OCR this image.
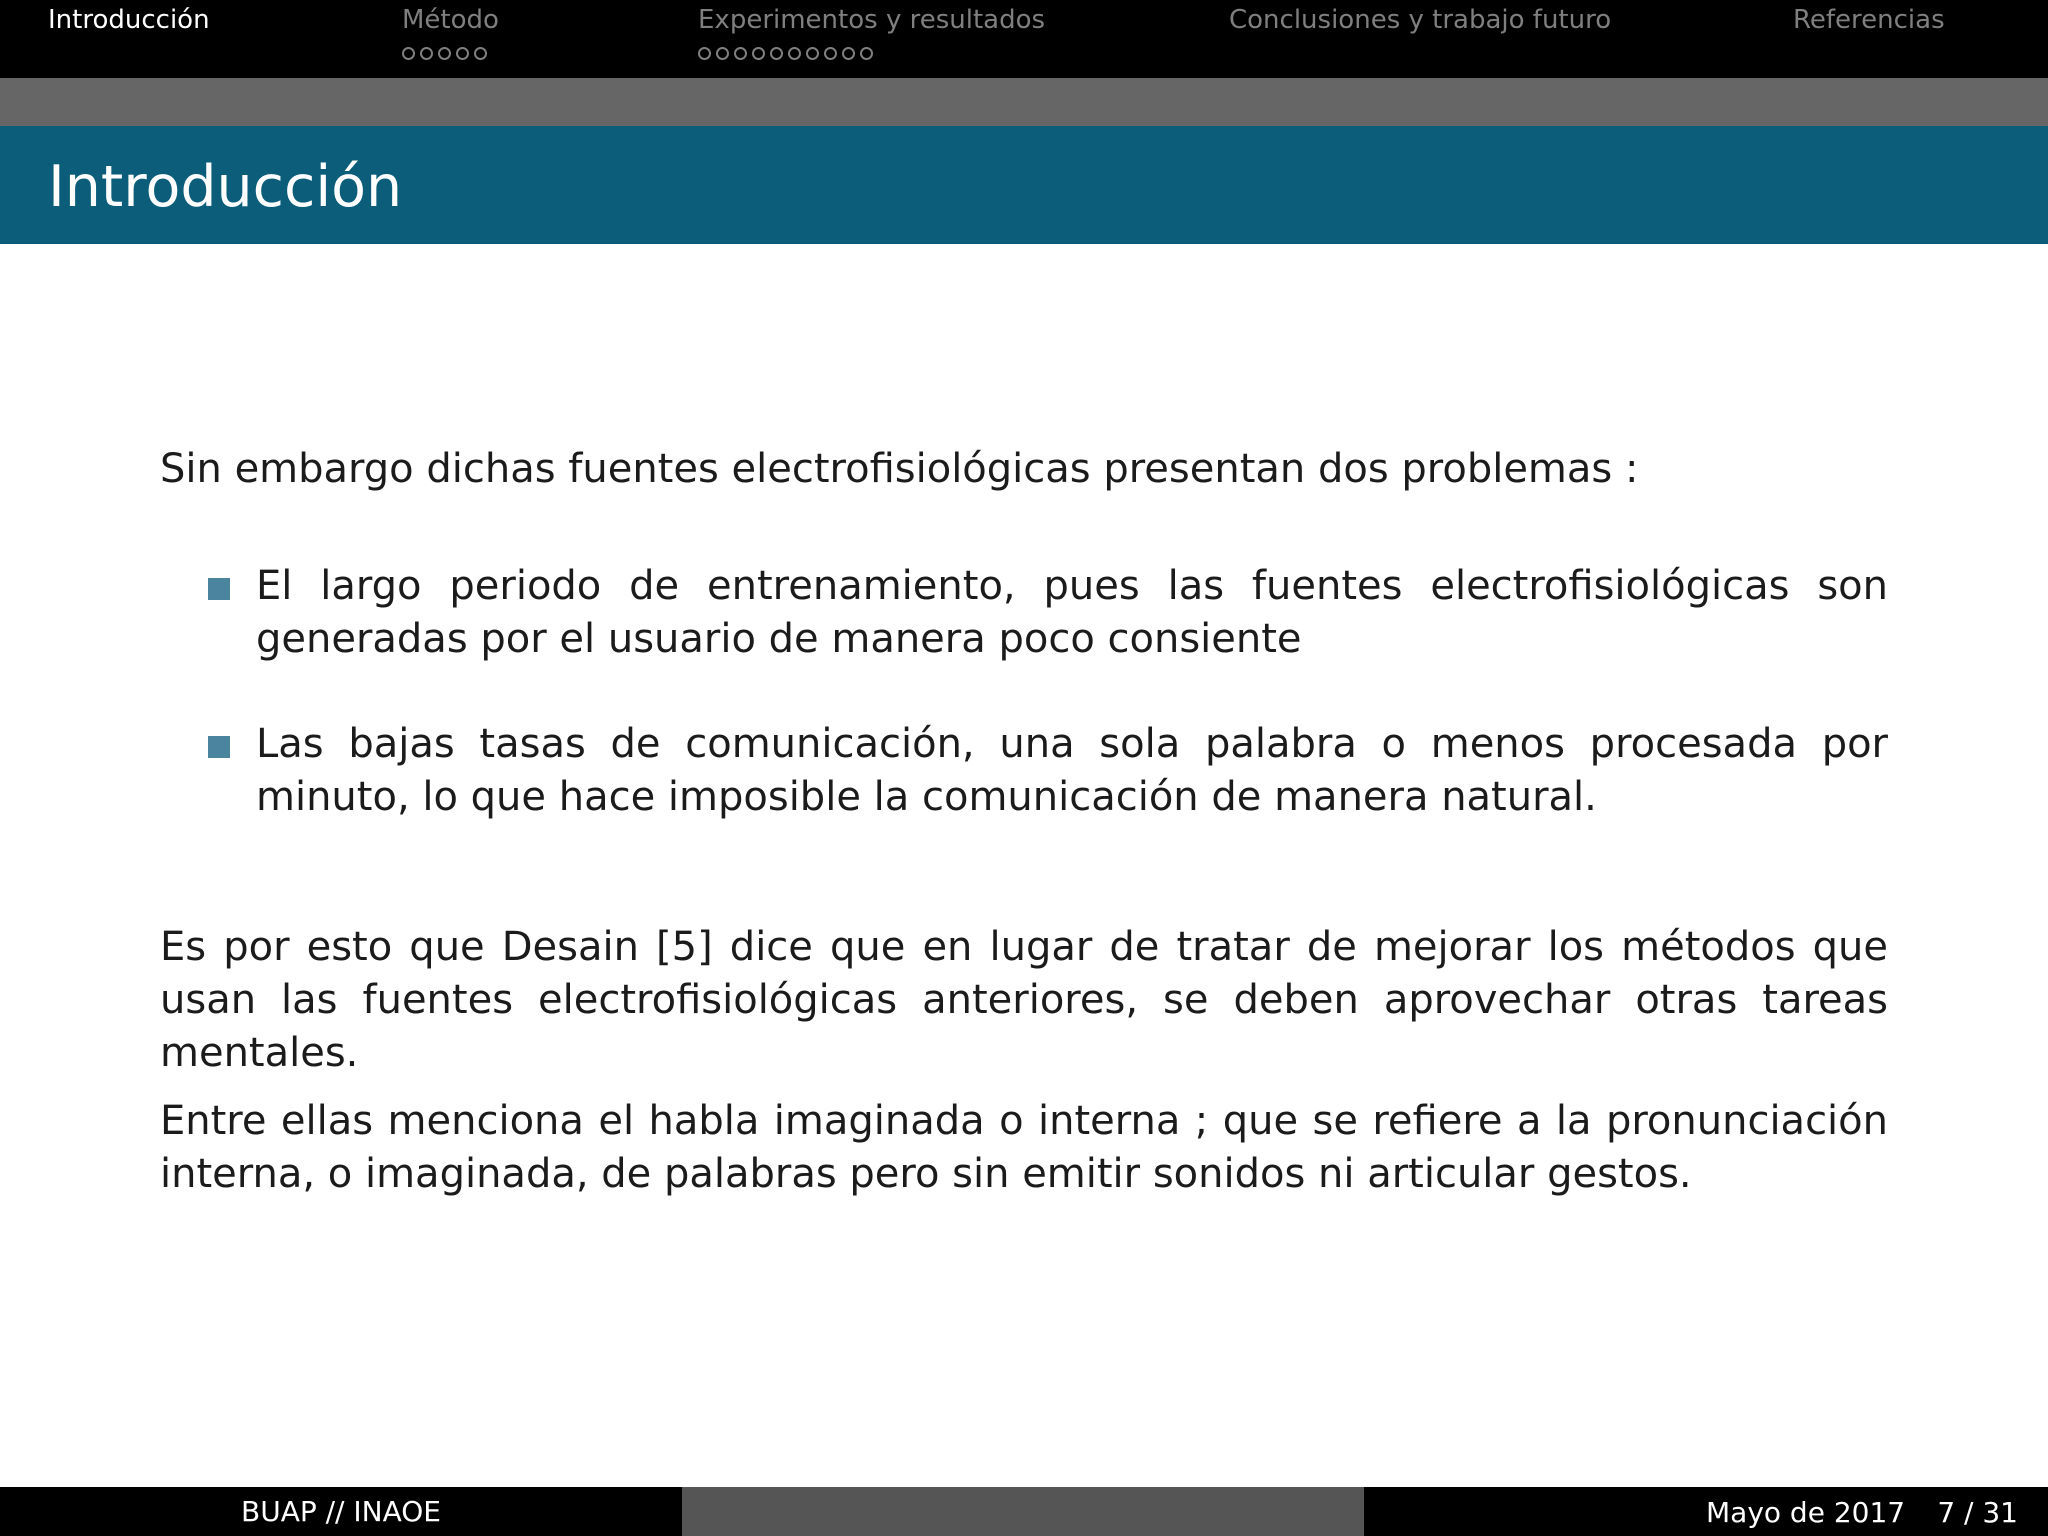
Introducción	Método	Experimentos y resultados	Conclusiones y trabajo futuro	Referencias
Introducción
Sin embargo dichas fuentes electrofisiológicas presentan dos problemas :
El largo periodo de entrenamiento, pues las fuentes electrofisiológicas son generadas por el usuario de manera poco consiente
Las bajas tasas de comunicación, una sola palabra o menos procesada por minuto, lo que hace imposible la comunicación de manera natural.
Es por esto que Desain [5] dice que en lugar de tratar de mejorar los métodos que usan las fuentes electrofisiológicas anteriores, se deben aprovechar otras tareas mentales.
Entre ellas menciona el habla imaginada o interna ; que se refiere a la pronunciación interna, o imaginada, de palabras pero sin emitir sonidos ni articular gestos.
BUAP // INAOE	Mayo de 2017 7 / 31
